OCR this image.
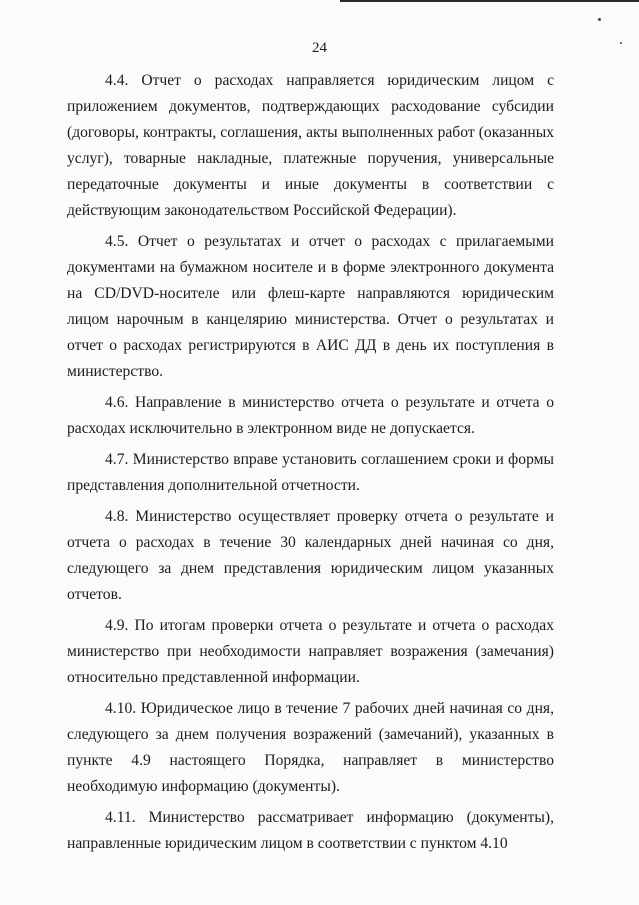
24

4.4. Отчет о расходах направляется юридическим лицом с приложением документов, подтверждающих расходование субсидии (договоры, контракты, соглашения, акты выполненных работ (оказанных услуг), товарные накладные, платежные поручения, универсальные передаточные документы и иные документы в соответствии с действующим законодательством Российской Федерации).

4.5. Отчет о результатах и отчет о расходах с прилагаемыми документами на бумажном носителе и в форме электронного документа на CD/DVD-носителе или флеш-карте направляются юридическим лицом нарочным в канцелярию министерства. Отчет о результатах и отчет о расходах регистрируются в АИС ДД в день их поступления в министерство.

4.6. Направление в министерство отчета о результате и отчета о расходах исключительно в электронном виде не допускается.

4.7. Министерство вправе установить соглашением сроки и формы представления дополнительной отчетности.

4.8. Министерство осуществляет проверку отчета о результате и отчета о расходах в течение 30 календарных дней начиная со дня, следующего за днем представления юридическим лицом указанных отчетов.

4.9. По итогам проверки отчета о результате и отчета о расходах министерство при необходимости направляет возражения (замечания) относительно представленной информации.

4.10. Юридическое лицо в течение 7 рабочих дней начиная со дня, следующего за днем получения возражений (замечаний), указанных в пункте 4.9 настоящего Порядка, направляет в министерство необходимую информацию (документы).

4.11. Министерство рассматривает информацию (документы), направленные юридическим лицом в соответствии с пунктом 4.10
